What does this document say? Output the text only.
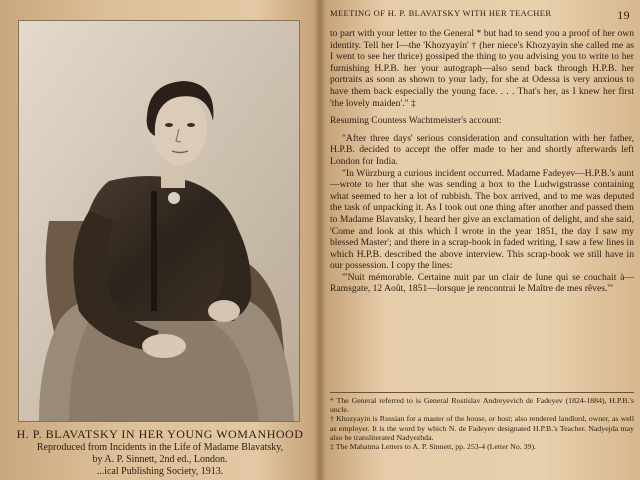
H. P. BLAVATSKY IN HER YOUNG WOMANHOOD
Reproduced from Incidents in the Life of Madame Blavatsky,
by A. P. Sinnett, 2nd ed., London.
...ical Publishing Society, 1913.
MEETING OF H. P. BLAVATSKY WITH HER TEACHER	19

to part with your letter to the General * but had to send you a proof of her own identity. Tell her I—the 'Khozyayin' † (her niece's Khozyayin she called me as I went to see her thrice) gossiped the thing to you advising you to write to her furnishing H.P.B. her your autograph—also send back through H.P.B. her portraits as soon as shown to your lady, for she at Odessa is very anxious to have them back especially the young face. . . . That's her, as I knew her first 'the lovely maiden'." ‡

Resuming Countess Wachtmeister's account:

"After three days' serious consideration and consultation with her father, H.P.B. decided to accept the offer made to her and shortly afterwards left London for India.

"In Würzburg a curious incident occurred. Madame Fadeyev—H.P.B.'s aunt—wrote to her that she was sending a box to the Ludwigstrasse containing what seemed to her a lot of rubbish. The box arrived, and to me was deputed the task of unpacking it. As I took out one thing after another and passed them to Madame Blavatsky, I heard her give an exclamation of delight, and she said, 'Come and look at this which I wrote in the year 1851, the day I saw my blessed Master'; and there in a scrap-book in faded writing, I saw a few lines in which H.P.B. described the above interview. This scrap-book we still have in our possession. I copy the lines:

"'Nuit mémorable. Certaine nuit par un clair de lune qui se couchait à—Ramsgate, 12 Août, 1851—lorsque je rencontrai le Maître de mes rêves.'"

* The General referred to is General Rostislav Andreyevich de Fadeyev (1824-1884), H.P.B.'s uncle.

† Khozyayin is Russian for a master of the house, or host; also rendered landlord, owner, as well as employer. It is the word by which N. de Fadeyev designated H.P.B.'s Teacher. Nadyejda may also be transliterated Nadyezhda.

‡ The Mahatma Letters to A. P. Sinnett, pp. 253-4 (Letter No. 39).
